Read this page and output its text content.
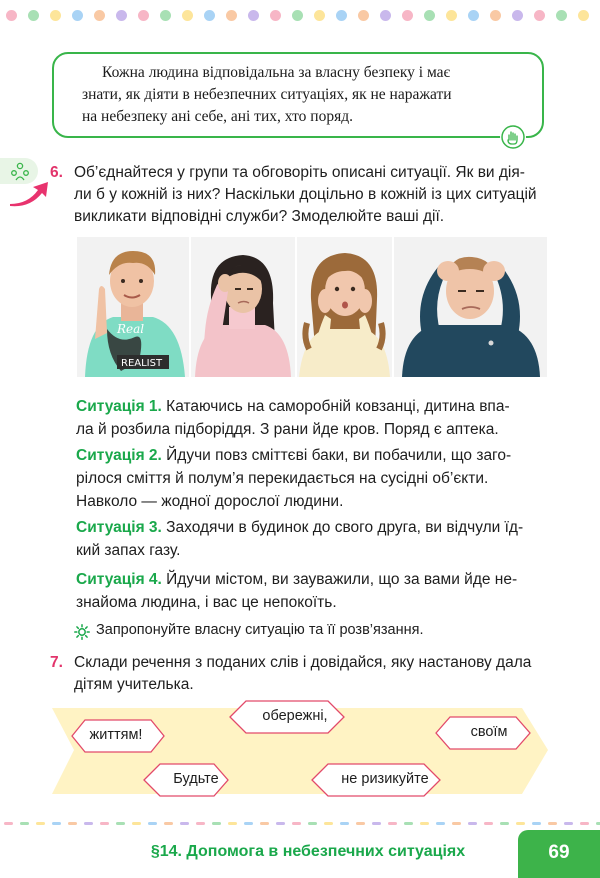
Кожна людина відповідальна за власну безпеку і має

знати, як діяти в небезпечних ситуаціях, як не наражати
на небезпеку ані себе, ані тих, хто поряд.
6. Об’єднайтеся у групи та обговоріть описані ситуації. Як ви дія-
ли б у кожній із них? Наскільки доцільно в кожній із цих ситуацій
викликати відповідні служби? Змоделюйте ваші дії.
Real
REALIST
Ситуація 1. Катаючись на саморобній ковзанці, дитина впа-
ла й розбила підборіддя. З рани йде кров. Поряд є аптека.
Ситуація 2. Йдучи повз сміттєві баки, ви побачили, що заго-
рілося сміття й полум’я перекидається на сусідні об’єкти.
Навколо — жодної дорослої людини.
Ситуація 3. Заходячи в будинок до свого друга, ви відчули їд-
кий запах газу.
Ситуація 4. Йдучи містом, ви зауважили, що за вами йде не-
знайома людина, і вас це непокоїть.
Запропонуйте власну ситуацію та її розв’язання.
7. Склади речення з поданих слів і довідайся, яку настанову дала
дітям учителька.
життям!
обережні,
своїм
Будьте	не ризикуйте
§14. Допомога в небезпечних ситуаціях	69
